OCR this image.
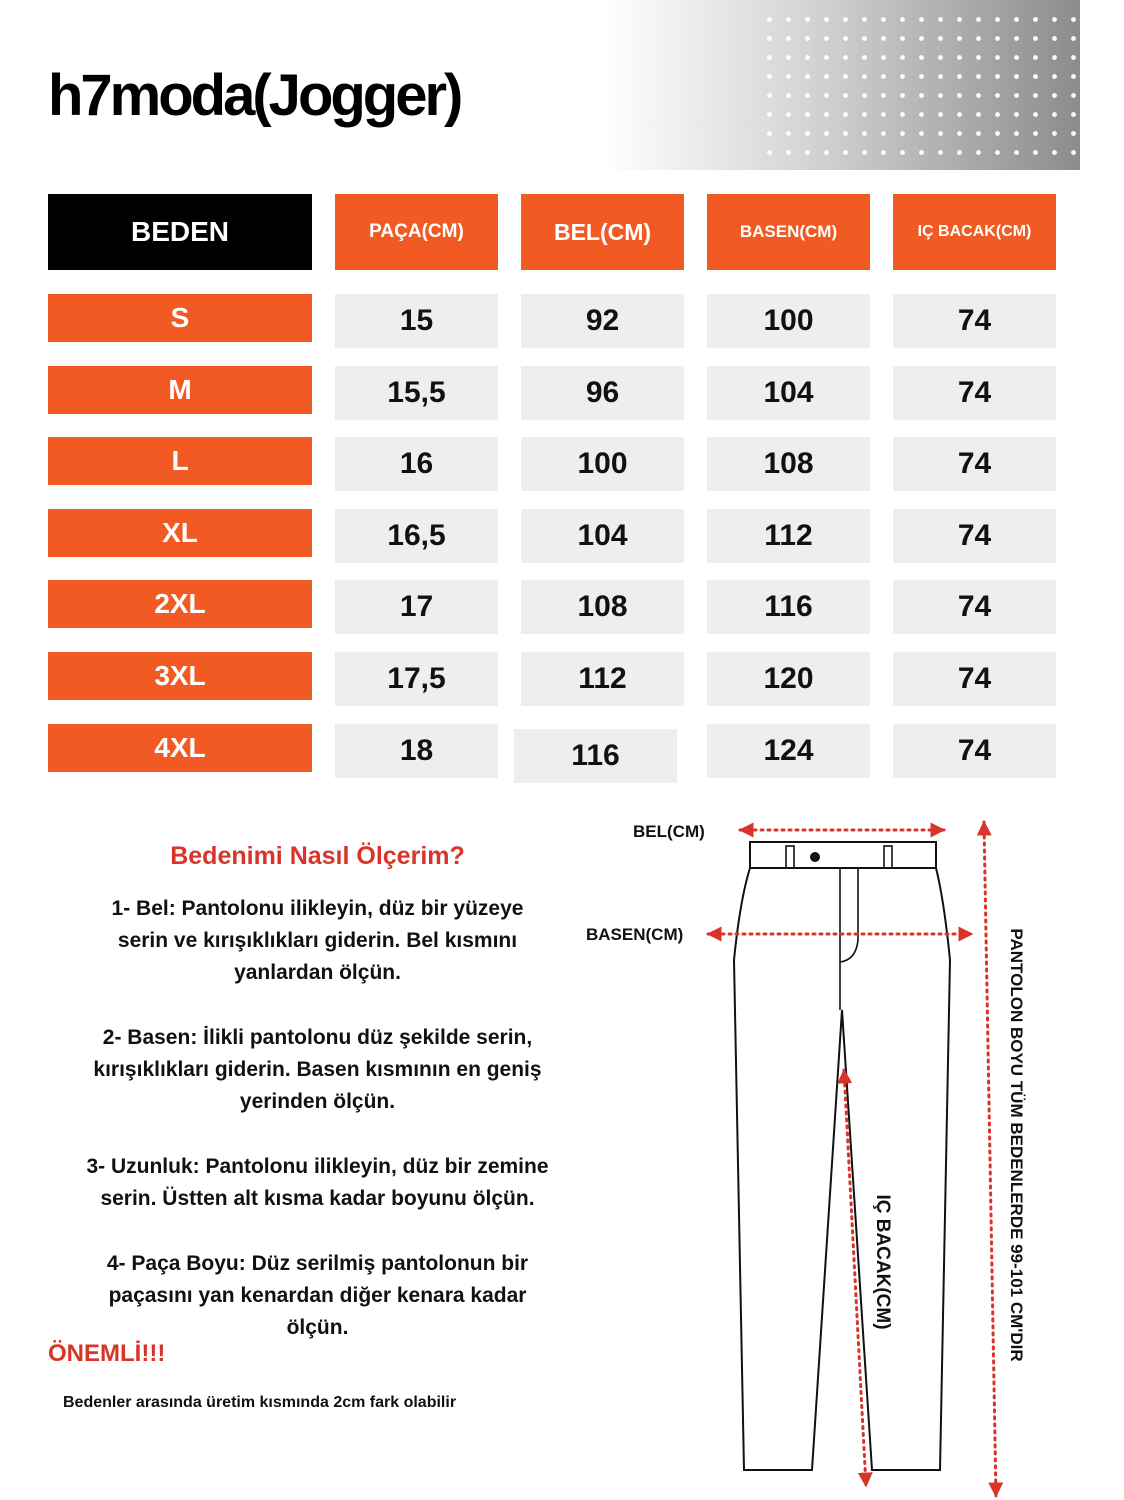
h7moda(Jogger)
BEDEN	PAÇA(CM)	BEL(CM)	BASEN(CM)	IÇ BACAK(CM)
S	15	92	100	74
M	15,5	96	104	74
L	16	100	108	74
XL	16,5	104	112	74
2XL	17	108	116	74
3XL	17,5	112	120	74
4XL	18	116	124	74
Bedenimi Nasıl Ölçerim?
1- Bel: Pantolonu ilikleyin, düz bir yüzeye
serin ve kırışıklıkları giderin. Bel kısmını
yanlardan ölçün.
2- Basen: İlikli pantolonu düz şekilde serin,
kırışıklıkları giderin. Basen kısmının en geniş
yerinden ölçün.
3- Uzunluk: Pantolonu ilikleyin, düz bir zemine
serin. Üstten alt kısma kadar boyunu ölçün.
4- Paça Boyu: Düz serilmiş pantolonun bir
paçasını yan kenardan diğer kenara kadar
ölçün.
ÖNEMLİ!!!
Bedenler arasında üretim kısmında 2cm fark olabilir
BEL(CM)
BASEN(CM)
IÇ BACAK(CM)	PANTOLON BOYU TÜM BEDENLERDE 99-101 CM'DIR
